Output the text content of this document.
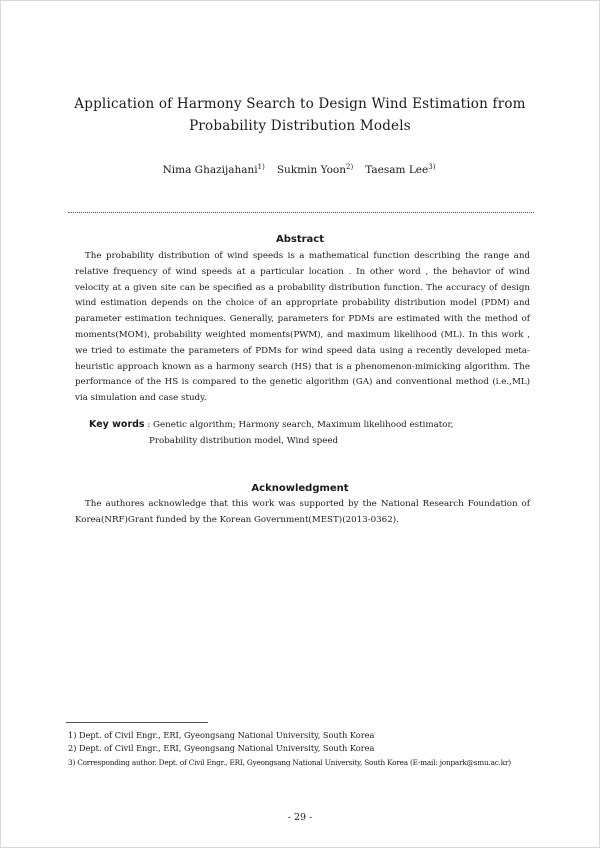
Application of Harmony Search to Design Wind Estimation from
Probability Distribution Models
Nima Ghazijahani$^{1)}$ Sukmin Yoon$^{2)}$ Taesam Lee$^{3)}$
Abstract

The probability distribution of wind speeds is a mathematical function describing the range and relative frequency of wind speeds at a particular location . In other word , the behavior of wind velocity at a given site can be specified as a probability distribution function. The accuracy of design wind estimation depends on the choice of an appropriate probability distribution model (PDM) and parameter estimation techniques. Generally, parameters for PDMs are estimated with the method of moments(MOM), probability weighted moments(PWM), and maximum likelihood (ML). In this work , we tried to estimate the parameters of PDMs for wind speed data using a recently developed meta-heuristic approach known as a harmony search (HS) that is a phenomenon-mimicking algorithm. The performance of the HS is compared to the genetic algorithm (GA) and conventional method (i.e.,ML) via simulation and case study.

Key words : Genetic algorithm; Harmony search, Maximum likelihood estimator,
Probability distribution model, Wind speed
Acknowledgment

The authores acknowledge that this work was supported by the National Research Foundation of Korea(NRF)Grant funded by the Korean Government(MEST)(2013-0362).

1) Dept. of Civil Engr., ERI, Gyeongsang National University, South Korea
2) Dept. of Civil Engr., ERI, Gyeongsang National University, South Korea
3) Corresponding author. Dept. of Civil Engr., ERI, Gyeongsang National University, South Korea (E-mail: jonpark@smu.ac.kr)
- 29 -
